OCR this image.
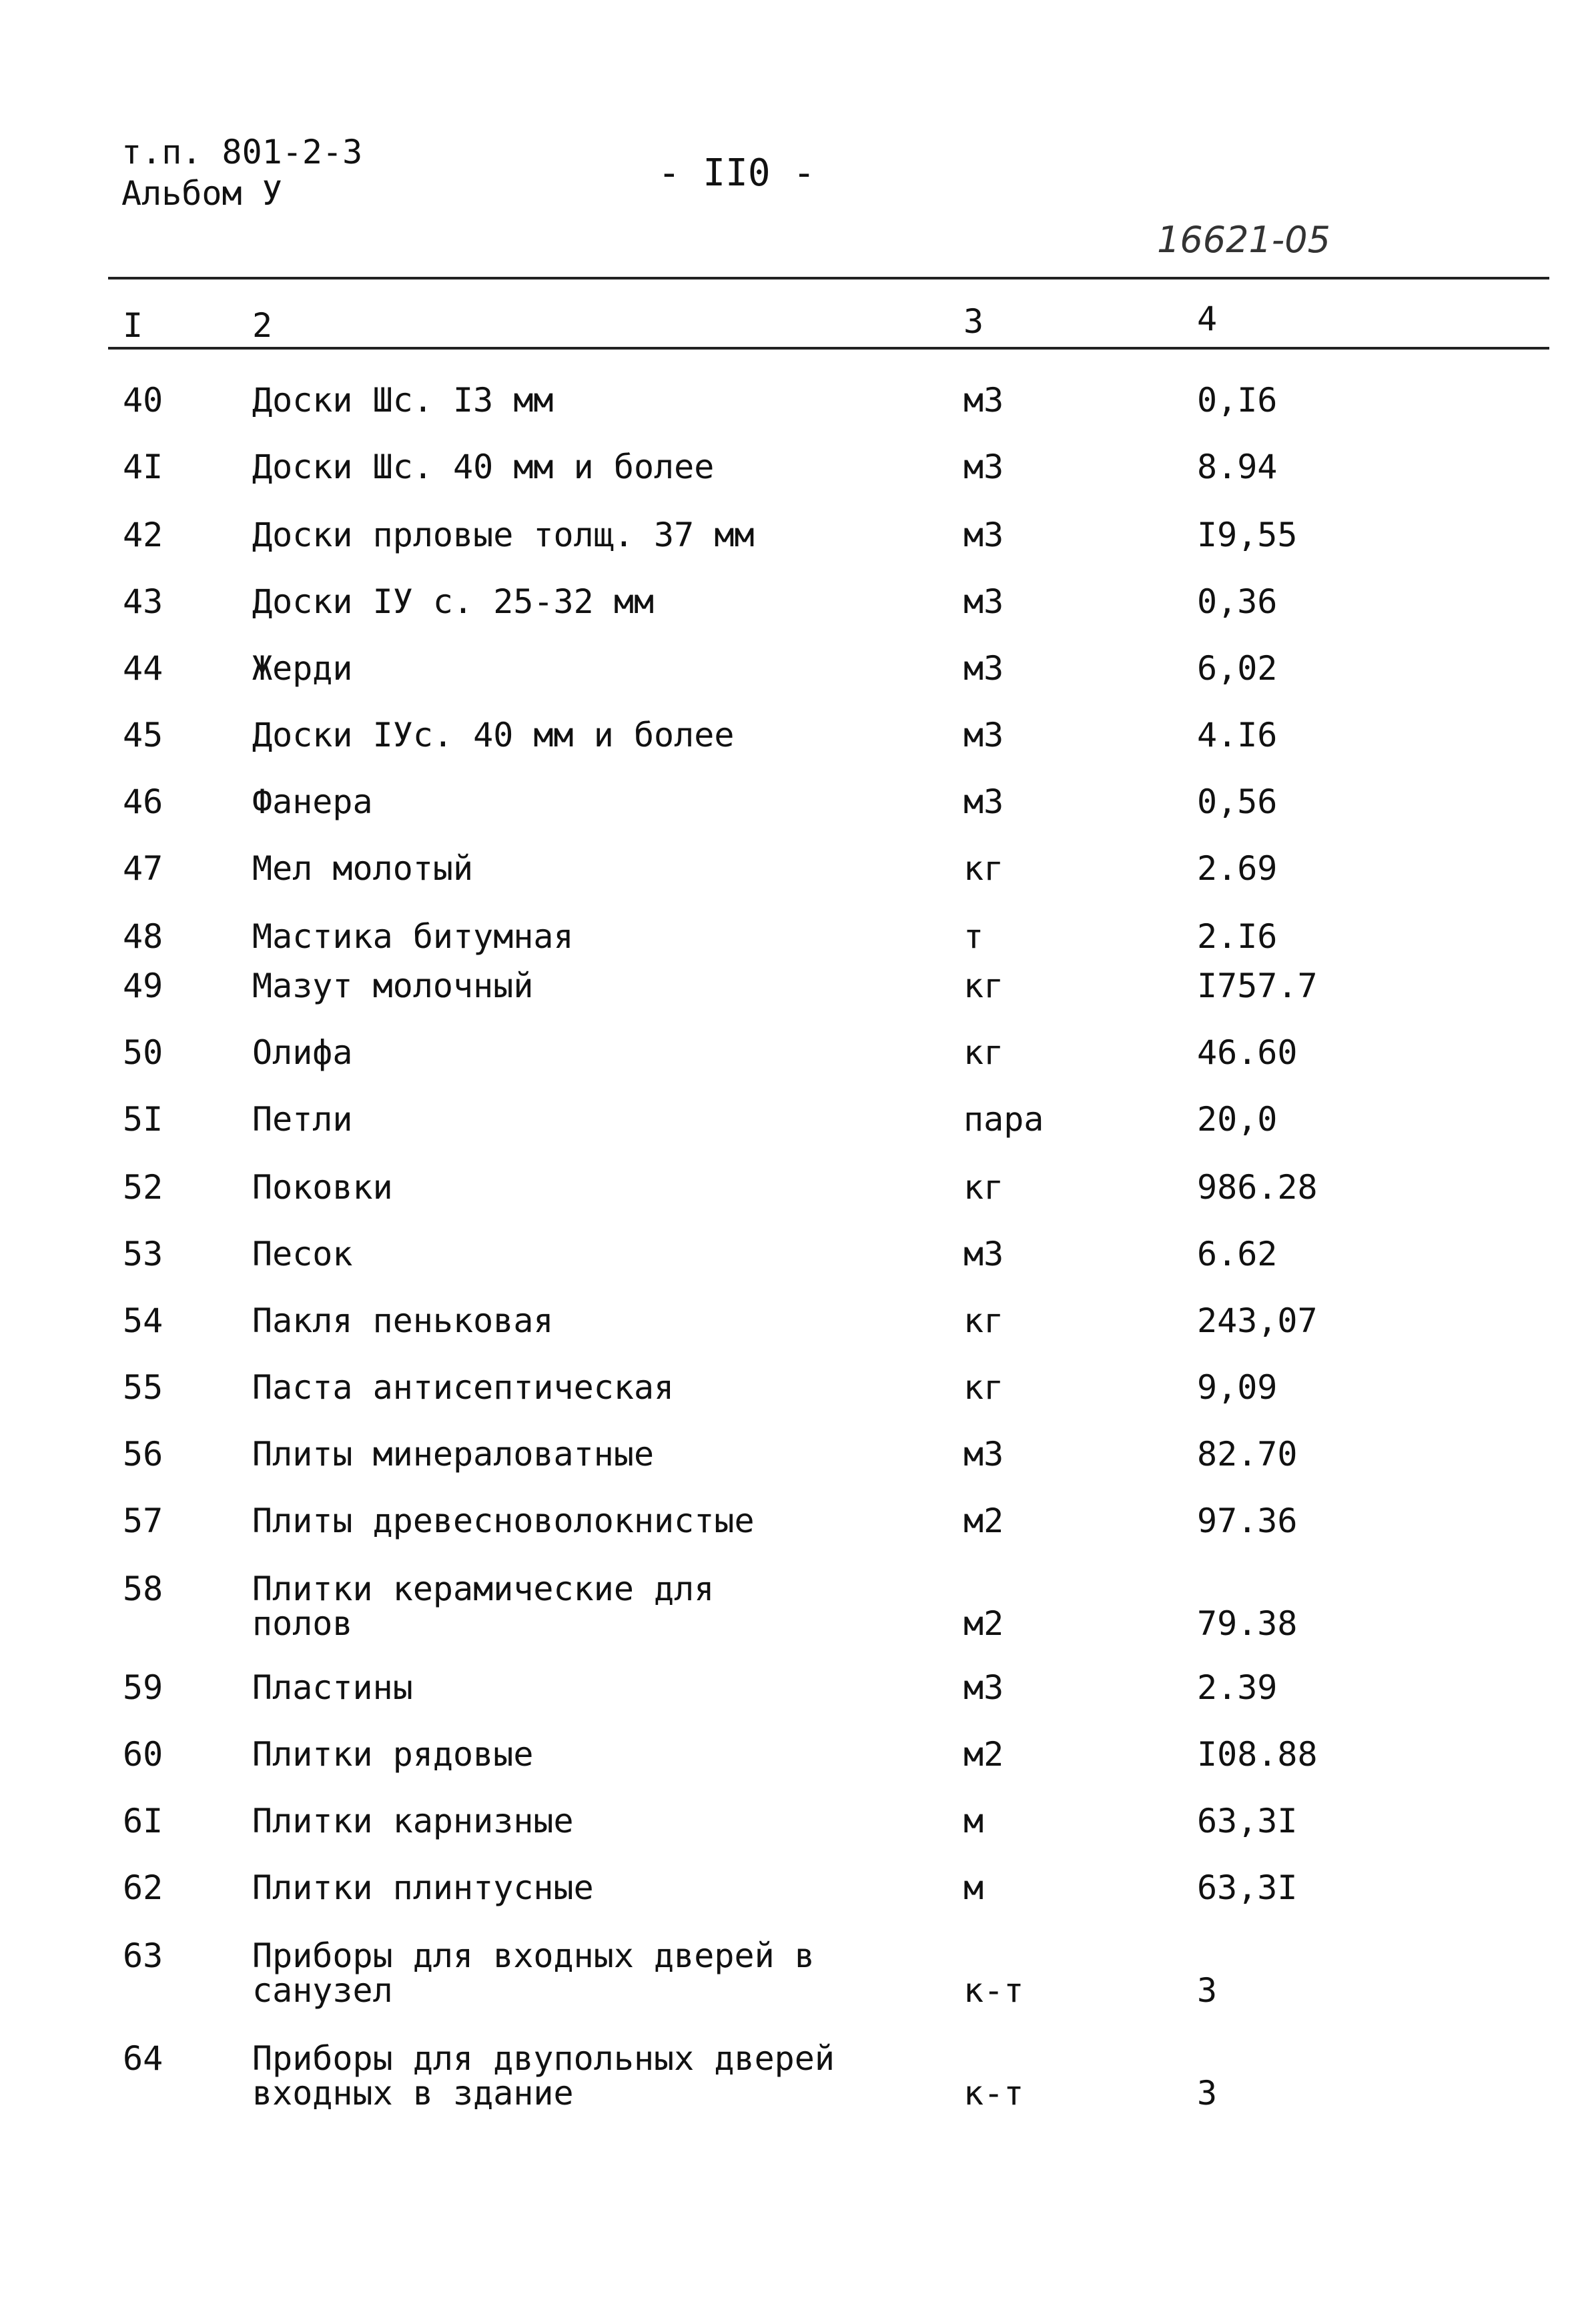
т.п. 801-2-3
Альбом У	- II0 -
16621-05
I	2	3	4
40	Доски Шс. I3 мм	м3	0,I6
4I	Доски Шс. 40 мм и более	м3	8.94
42	Доски прловые толщ. 37 мм	м3	I9,55
43	Доски IУ с. 25-32 мм	м3	0,36
44	Жерди	м3	6,02
45	Доски IУс. 40 мм и более	м3	4.I6
46	Фанера	м3	0,56
47	Мел молотый	кг	2.69
48	Мастика битумная	т	2.I6
49	Мазут молочный	кг	I757.7
50	Олифа	кг	46.60
5I	Петли	пара	20,0
52	Поковки	кг	986.28
53	Песок	м3	6.62
54	Пакля пеньковая	кг	243,07
55	Паста антисептическая	кг	9,09
56	Плиты минераловатные	м3	82.70
57	Плиты древесноволокнистые	м2	97.36
58	Плитки керамические для
полов	м2	79.38
59	Пластины	м3	2.39
60	Плитки рядовые	м2	I08.88
6I	Плитки карнизные	м	63,3I
62	Плитки плинтусные	м	63,3I
63	Приборы для входных дверей в
санузел	к-т	3
64	Приборы для двупольных дверей
входных в здание	к-т	3
